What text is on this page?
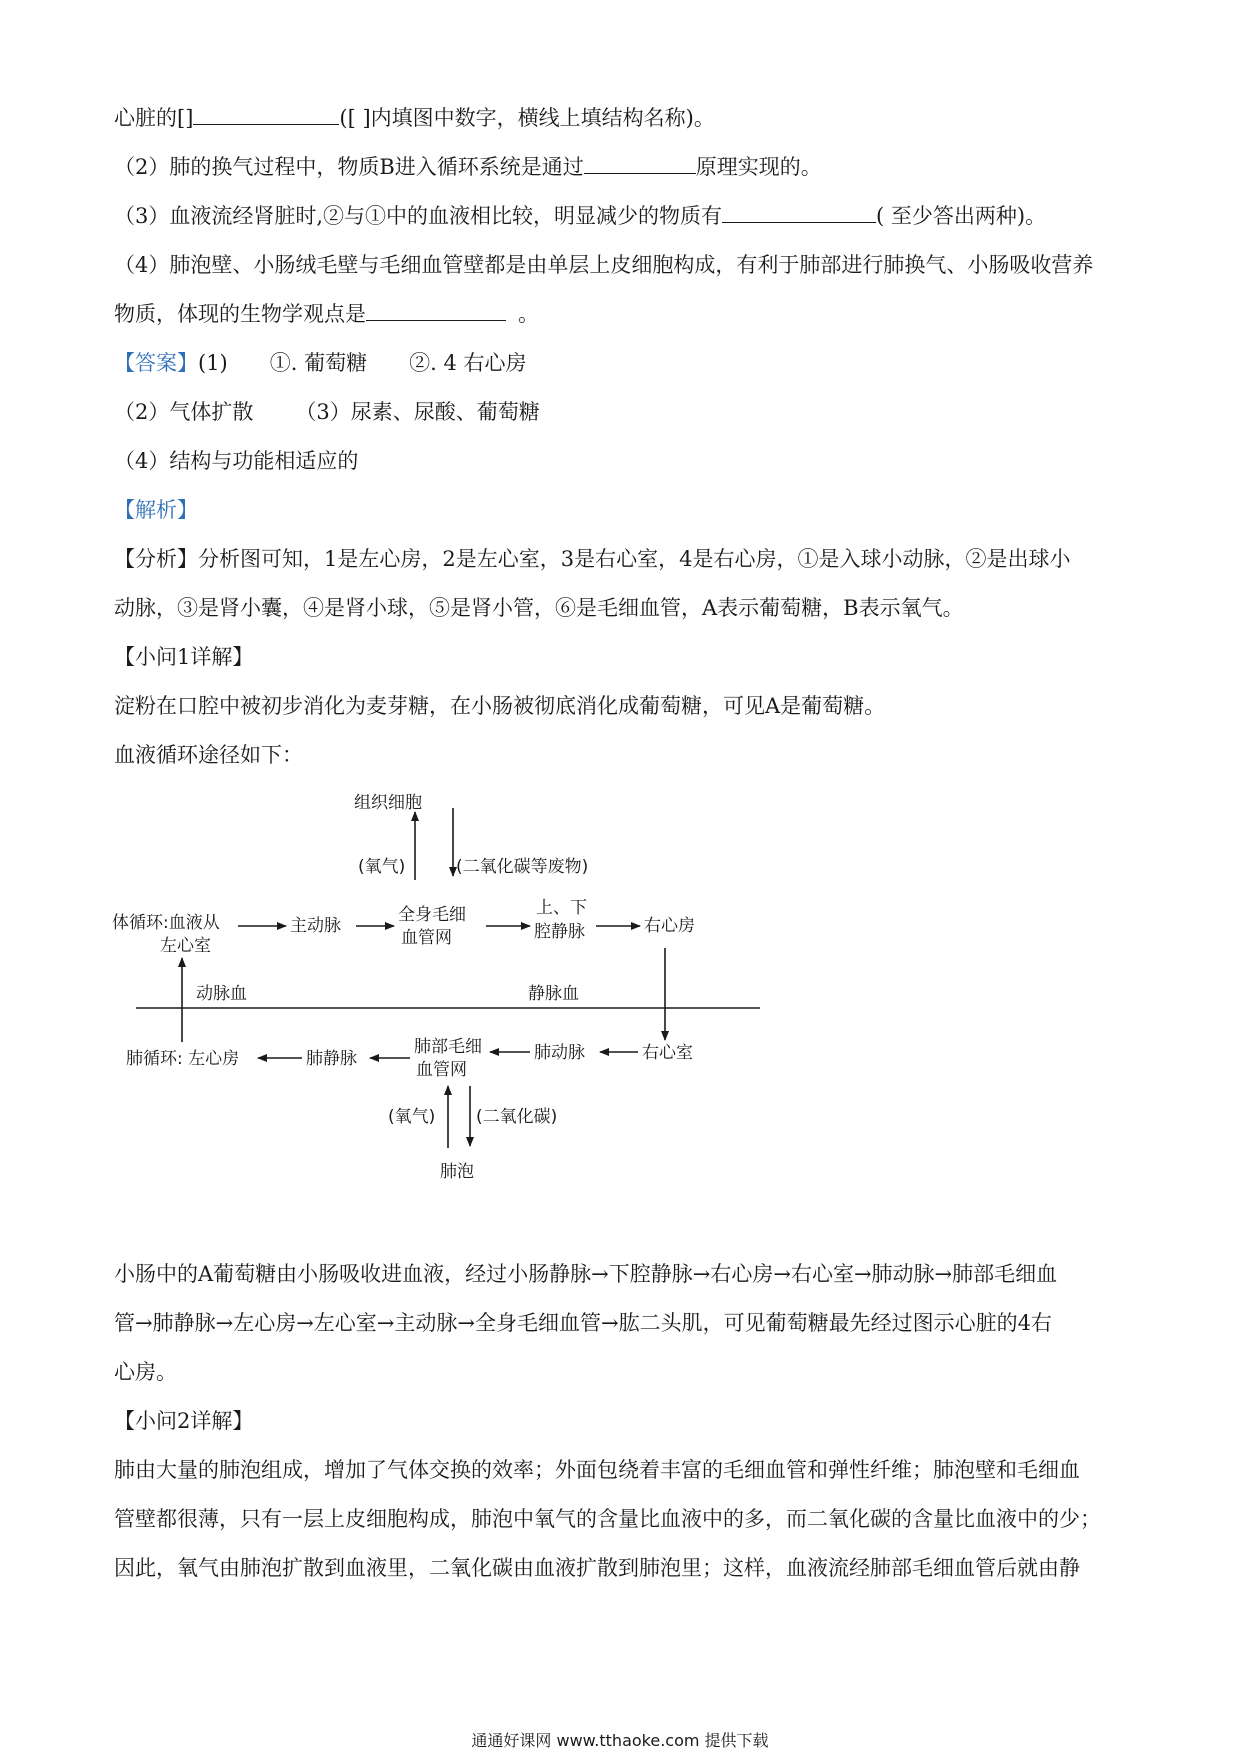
心脏的[]	([ ]内填图中数字，横线上填结构名称)。
（2）肺的换气过程中，物质B进入循环系统是通过	原理实现的。
（3）血液流经肾脏时,②与①中的血液相比较，明显减少的物质有	( 至少答出两种)。
（4）肺泡壁、小肠绒毛壁与毛细血管壁都是由单层上皮细胞构成，有利于肺部进行肺换气、小肠吸收营养
物质，体现的生物学观点是	。
【答案】(1) ①. 葡萄糖 ②. 4 右心房
（2）气体扩散 （3）尿素、尿酸、葡萄糖
（4）结构与功能相适应的
【解析】
【分析】分析图可知，1是左心房，2是左心室，3是右心室，4是右心房，①是入球小动脉，②是出球小
动脉，③是肾小囊，④是肾小球，⑤是肾小管，⑥是毛细血管，A表示葡萄糖，B表示氧气。
【小问1详解】
淀粉在口腔中被初步消化为麦芽糖，在小肠被彻底消化成葡萄糖，可见A是葡萄糖。
血液循环途径如下：
组织细胞
(氧气)	(二氧化碳等废物)
体循环:血液从
左心室
主动脉
全身毛细
血管网
上、下
腔静脉	右心房
动脉血	静脉血
肺循环: 左心房	肺静脉
肺部毛细
血管网
肺动脉	右心室
(氧气) (二氧化碳)
肺泡
小肠中的A葡萄糖由小肠吸收进血液，经过小肠静脉→下腔静脉→右心房→右心室→肺动脉→肺部毛细血
管→肺静脉→左心房→左心室→主动脉→全身毛细血管→肱二头肌，可见葡萄糖最先经过图示心脏的4右
心房。
【小问2详解】
肺由大量的肺泡组成，增加了气体交换的效率；外面包绕着丰富的毛细血管和弹性纤维；肺泡壁和毛细血
管壁都很薄，只有一层上皮细胞构成，肺泡中氧气的含量比血液中的多，而二氧化碳的含量比血液中的少；
因此，氧气由肺泡扩散到血液里，二氧化碳由血液扩散到肺泡里；这样，血液流经肺部毛细血管后就由静
通通好课网 www.tthaoke.com 提供下载
